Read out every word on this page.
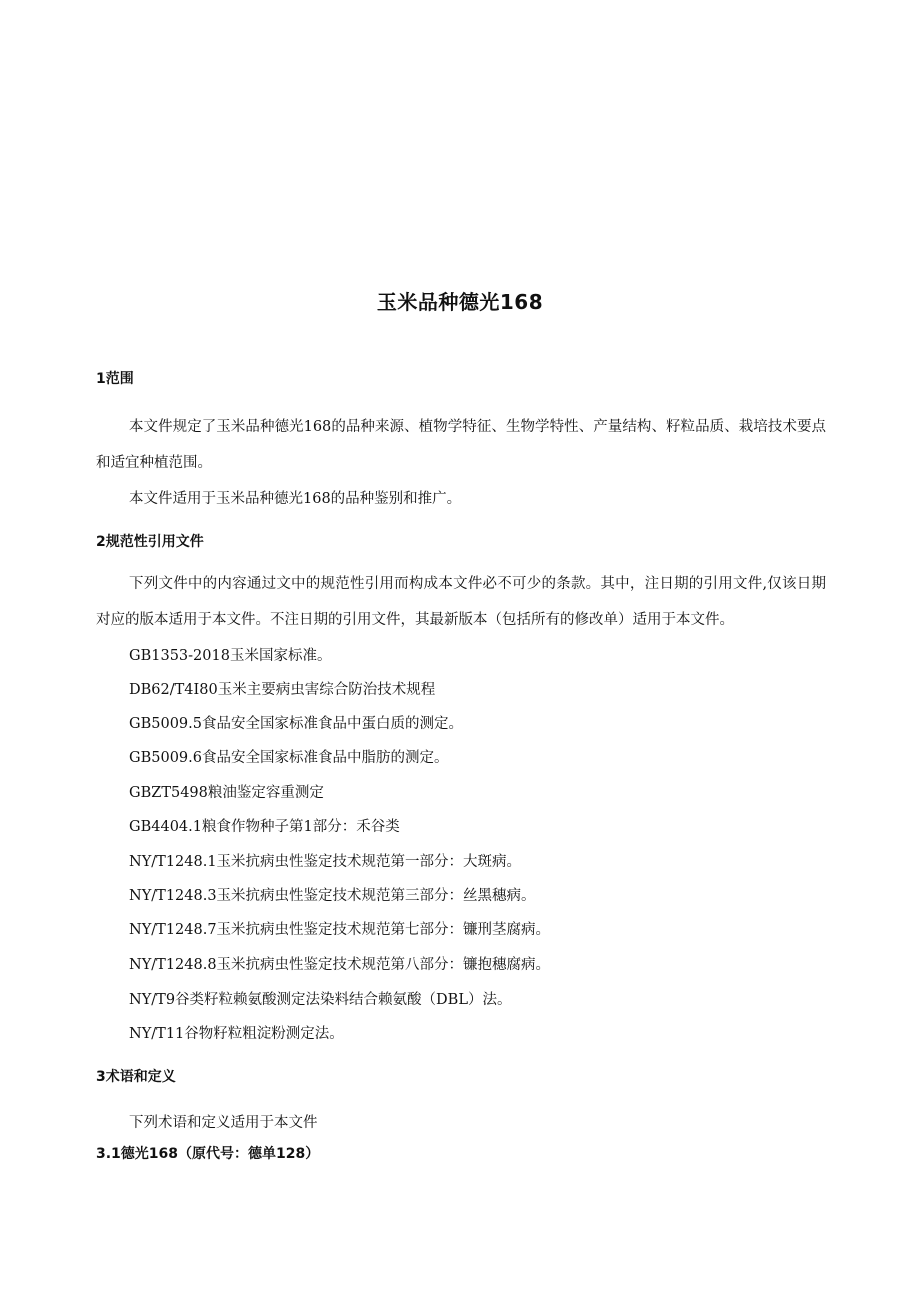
玉米品种德光168
1范围

本文件规定了玉米品种德光168的品种来源、植物学特征、生物学特性、产量结构、籽粒品质、栽培技术要点和适宜种植范围。

本文件适用于玉米品种德光168的品种鉴别和推广。

2规范性引用文件

下列文件中的内容通过文中的规范性引用而构成本文件必不可少的条款。其中，注日期的引用文件,仅该日期对应的版本适用于本文件。不注日期的引用文件，其最新版本（包括所有的修改单）适用于本文件。

GB1353-2018玉米国家标准。
DB62/T4I80玉米主要病虫害综合防治技术规程
GB5009.5食品安全国家标准食品中蛋白质的测定。
GB5009.6食品安全国家标准食品中脂肪的测定。
GBZT5498粮油鉴定容重测定
GB4404.1粮食作物种子第1部分：禾谷类
NY/T1248.1玉米抗病虫性鉴定技术规范第一部分：大斑病。
NY/T1248.3玉米抗病虫性鉴定技术规范第三部分：丝黑穗病。
NY/T1248.7玉米抗病虫性鉴定技术规范第七部分：镰刑茎腐病。
NY/T1248.8玉米抗病虫性鉴定技术规范第八部分：镰抱穗腐病。
NY/T9谷类籽粒赖氨酸测定法染料结合赖氨酸（DBL）法。
NY/T11谷物籽粒粗淀粉测定法。
3术语和定义
下列术语和定义适用于本文件
3.1德光168（原代号：德单128）
